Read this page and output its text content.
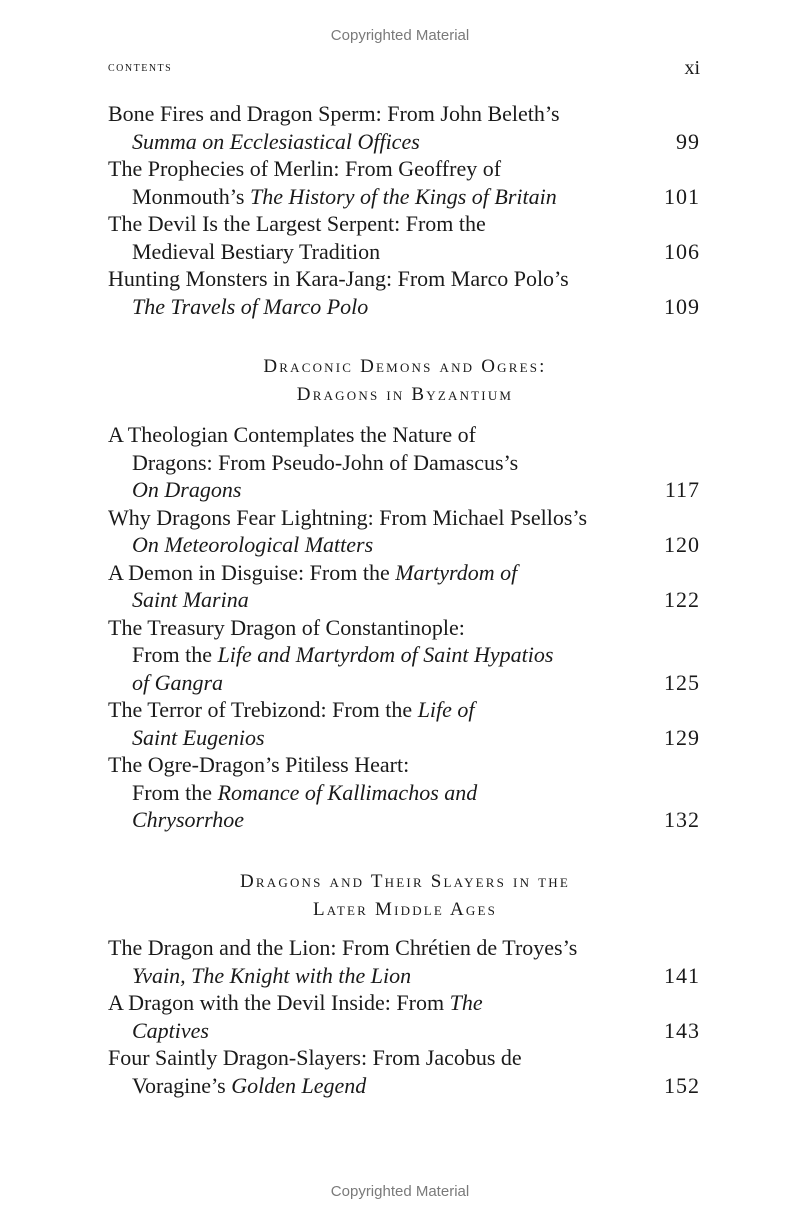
Copyrighted Material
contents	xi
Bone Fires and Dragon Sperm: From John Beleth’s
Summa on Ecclesiastical Offices	99
The Prophecies of Merlin: From Geoffrey of
Monmouth’s The History of the Kings of Britain	101
The Devil Is the Largest Serpent: From the
Medieval Bestiary Tradition	106
Hunting Monsters in Kara-Jang: From Marco Polo’s
The Travels of Marco Polo	109
Draconic Demons and Ogres:
Dragons in Byzantium
A Theologian Contemplates the Nature of
Dragons: From Pseudo-John of Damascus’s
On Dragons	117
Why Dragons Fear Lightning: From Michael Psellos’s
On Meteorological Matters	120
A Demon in Disguise: From the Martyrdom of
Saint Marina	122
The Treasury Dragon of Constantinople:
From the Life and Martyrdom of Saint Hypatios
of Gangra	125
The Terror of Trebizond: From the Life of
Saint Eugenios	129
The Ogre-Dragon’s Pitiless Heart:
From the Romance of Kallimachos and
Chrysorrhoe	132
Dragons and Their Slayers in the
Later Middle Ages
The Dragon and the Lion: From Chrétien de Troyes’s
Yvain, The Knight with the Lion	141
A Dragon with the Devil Inside: From The
Captives	143
Four Saintly Dragon-Slayers: From Jacobus de
Voragine’s Golden Legend	152
Copyrighted Material
